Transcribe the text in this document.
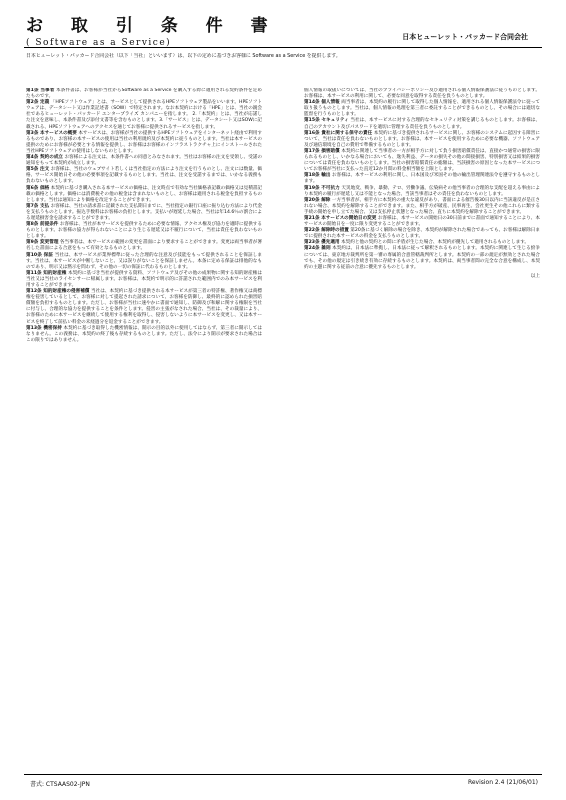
お 取 引 条 件 書
( Software as a Service)
日本ヒューレット・パッカード合同会社
日本ヒューレット・パッカード合同会社（以下「当社」といいます）は、以下の定めに基づきお客様に Software as a Service を提供します。

第1条 当事者 本条件書は、お客様が当社からSoftware as a Service を購入する際に適用される契約条件を定めたものです。

第2条 定義 「HPEソフトウェア」とは、サービスとして提供されるHPEソフトウェア製品をいいます。HPEソフトウェアは、データシート又は作業記述書（SOW）で特定されます。なお本契約における「HPE」とは、当社の親会社であるヒューレット・パッカード エンタープライズ カンパニーを指します。 2.「本契約」とは、当社が応諾した注文を意味し、本条件書及び添付文書等を含むものとします。3.「サービス」とは、データシート又はSOWに記載される、HPEソフトウェアへのアクセスを通じてお客様に提供されるサービスを指します。

第3条 本サービスの概要 本サービスは、お客様が当社の提供するHPEソフトウェアをインターネット経由で利用するものであり、お客様の本サービスの使用は当社の利用規約及び本契約に従うものとします。当社は本サービスの提供のためにお客様が必要とする情報を提供し、お客様はお客様のインフラストラクチャ上にインストールされた当社HPEソフトウェアの使用はしないものとします。

第4条 契約の成立 お客様による注文は、本条件書への同意とみなされます。当社はお客様の注文を受領し、受諾の通知をもって本契約が成立します。

第5条 注文 お客様は、当社のウェブサイト若しくは当社指定の方法により注文を行うものとし、注文には数量、価格、サービス開始日その他の必要事項を記載するものとします。当社は、注文を受諾するまでは、いかなる義務も負わないものとします。

第6条 価格 本契約に基づき購入される本サービスの価格は、注文時点で有効な当社価格表記載の価格又は見積書記載の価格とします。価格には消費税その他の税金は含まれないものとし、お客様は適用される税金を負担するものとします。当社は通知により価格を改定することができます。

第7条 支払 お客様は、当社の請求書に記載された支払期日までに、当社指定の銀行口座に振り込む方法により代金を支払うものとします。振込手数料はお客様の負担とします。支払いが遅延した場合、当社は年14.6％の割合による遅延損害金を請求することができます。

第8条 前提条件 お客様は、当社が本サービスを提供するために必要な情報、アクセス権及び協力を適時に提供するものとします。お客様の協力が得られないことにより生じる遅延又は不履行について、当社は責任を負わないものとします。

第9条 変更管理 各当事者は、本サービスの範囲の変更を書面により要求することができます。変更は両当事者が署名した書面による合意をもって有効となるものとします。

第10条 保証 当社は、本サービスが業界標準に従った合理的な注意及び技能をもって提供されることを保証します。当社は、本サービスが中断しないこと、又は誤りがないことを保証しません。本条に定める保証は排他的なものであり、明示又は黙示を問わず、その他の一切の保証に代わるものとします。

第11条 知的財産権 本契約に基づき当社が提供する資料、ソフトウェア及びその他の成果物に関する知的財産権は当社又は当社のライセンサーに帰属します。お客様は、本契約で明示的に許諾された範囲内でのみ本サービスを利用することができます。

第12条 知的財産権の侵害補償 当社は、本契約に基づき提供される本サービスが第三者の特許権、著作権又は商標権を侵害しているとして、お客様に対して提起された請求について、お客様を防御し、最終的に認められた損害賠償額を負担するものとします。ただし、お客様が当社に速やかに書面で通知し、防御及び和解に関する権限を当社に付与し、合理的な協力を提供することを条件とします。侵害の主張がなされた場合、当社は、その裁量により、お客様のために本サービスを継続して使用する権利を取得し、侵害しないように本サービスを変更し、又は本サービスを終了して前払い料金の未経過分を返金することができます。

第13条 機密保持 本契約に基づき取得した機密情報は、開示の目的以外に使用してはならず、第三者に開示してはなりません。この義務は、本契約の終了後も存続するものとします。ただし、法令により開示が要求された場合はこの限りではありません。

個人情報の取扱いについては、当社のプライバシーポリシー及び適用される個人情報保護法に従うものとします。お客様は、本サービスの利用に関して、必要な同意を取得する責任を負うものとします。

第14条 個人情報 両当事者は、本契約の履行に関して取得した個人情報を、適用される個人情報保護法令に従って取り扱うものとします。当社は、個人情報の処理を第三者に委託することができるものとし、その場合には適切な監督を行うものとします。

第15条 セキュリティ 当社は、本サービスに対する合理的なセキュリティ対策を講じるものとします。お客様は、自己のアカウント及びパスワードを適切に管理する責任を負うものとします。

第16条 貴社に関する保守の責任 本契約に基づき提供されるサービスに関し、お客様のシステムに起因する障害について、当社は責任を負わないものとします。お客様は、本サービスを使用するために必要な機器、ソフトウェア及び通信環境を自己の費用で準備するものとします。

第17条 損害賠償 本契約に関連して当事者の一方が相手方に対して負う損害賠償責任は、直接かつ通常の損害に限られるものとし、いかなる場合においても、逸失利益、データの損失その他の間接損害、特別損害又は結果的損害については責任を負わないものとします。当社の損害賠償責任の総額は、当該損害の原因となった本サービスについてお客様が当社に支払った直近12か月間の料金相当額を上限とします。

第18条 輸出 お客様は、本サービスの利用に関し、日本国及び米国その他の輸出管理関連法令を遵守するものとします。

第19条 不可抗力 天災地変、戦争、暴動、テロ、労働争議、伝染病その他当事者の合理的な支配を超える事由により本契約の履行が遅延し又は不能となった場合、当該当事者はその責任を負わないものとします。

第20条 解除 一方当事者が、相手方に本契約の重大な違反があり、書面による催告後30日以内に当該違反が是正されない場合、本契約を解除することができます。また、相手方が破産、民事再生、会社更生その他これらに類する手続の開始を申し立てた場合、又は支払停止状態となった場合、直ちに本契約を解除することができます。

第21条 本サービスの開始日の変更 お客様は、本サービスの開始日の30日前までに書面で通知することにより、本サービスの開始日を一度に限り変更することができます。

第22条 解除時の措置 第20条に基づく解除の場合を除き、本契約が解除された場合であっても、お客様は解除日までに提供された本サービスの料金を支払うものとします。

第23条 優先適用 本契約と他の契約との間に矛盾が生じた場合、本契約が優先して適用されるものとします。

第24条 雑則 本契約は、日本法に準拠し、日本法に従って解釈されるものとします。本契約に関連して生じる紛争については、東京地方裁判所を第一審の専属的合意管轄裁判所とします。本契約の一部の規定が無効とされた場合でも、その他の規定は引き続き有効に存続するものとします。本契約は、両当事者間の完全な合意を構成し、本契約の主題に関する従前の合意に優先するものとします。

以上
書式: CTSAAS02-JPN	Revision 2.4 (21/06/01)
